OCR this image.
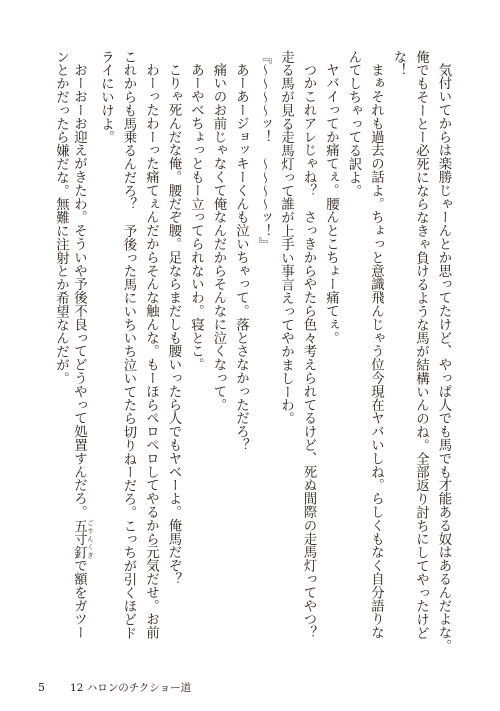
気付いてからは楽勝じゃーんとか思ってたけど、やっぱ人でも馬でも才能ある奴はあるんだよな。
俺でもそーとー必死にならなきゃ負けるような馬が結構いんのね。全部返り討ちにしてやったけど
な！
まぁそれも過去の話よ。ちょっと意識飛んじゃう位今現在ヤバいしね。らしくもなく自分語りな
んてしちゃってる訳よ。
ヤバイってか痛てぇ。腰んとこちょー痛てぇ。
つかこれアレじゃね？　さっきからやたら色々考えられてるけど、死ぬ間際の走馬灯ってやつ？
走る馬が見る走馬灯って誰が上手い事言えってやかましーわ。
『〜〜〜〜ッ！　〜〜〜〜ッ！』
あーあージョッキーくんも泣いちゃって。落とさなかっただろ？
痛いのお前じゃなくて俺なんだからそんなに泣くなって。
あーやべちょっともー立ってられないわ。寝とこ。
こりゃ死んだな俺。腰だぞ腰。足ならまだしも腰いったら人でもヤベーよ。俺馬だぞ？
わーったわーった痛てぇんだからそんな触んな。もーほらペロペロしてやるから元気だせ。お前
これからも馬乗るんだろ？　予後った馬にいちいち泣いてたら切りねーだろ。こっちが引くほどド
ライにいけよ。
おーおーお迎えがきたわ。そういや予後不良ってどうやって処置すんだろ。五寸釘 ごすんくぎで額をガツー
ンとかだったら嫌だな。無難に注射とか希望なんだが。
5 12 ハロンのチクショー道
